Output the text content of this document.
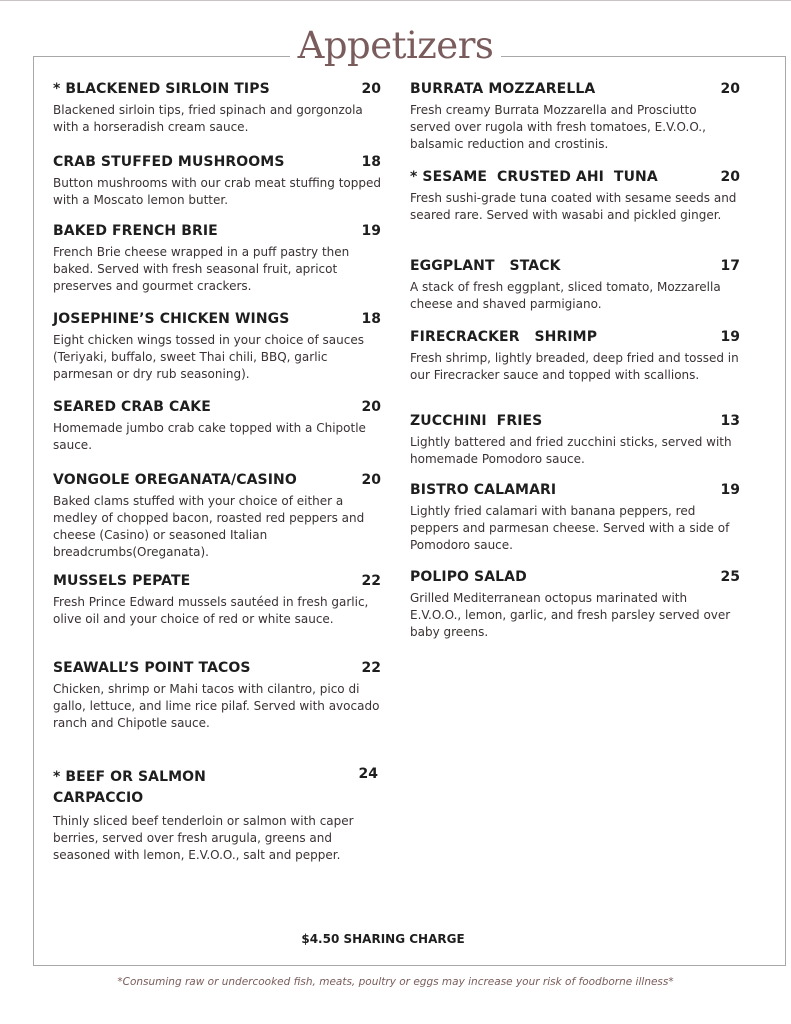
Appetizers
* BLACKENED SIRLOIN TIPS	20
Blackened sirloin tips, fried spinach and gorgonzola with a horseradish cream sauce.
CRAB STUFFED MUSHROOMS	18
Button mushrooms with our crab meat stuffing topped with a Moscato lemon butter.
BAKED FRENCH BRIE	19
French Brie cheese wrapped in a puff pastry then baked. Served with fresh seasonal fruit, apricot preserves and gourmet crackers.
JOSEPHINE’S CHICKEN WINGS	18
Eight chicken wings tossed in your choice of sauces (Teriyaki, buffalo, sweet Thai chili, BBQ, garlic parmesan or dry rub seasoning).
SEARED CRAB CAKE	20
Homemade jumbo crab cake topped with a Chipotle sauce.
VONGOLE OREGANATA/CASINO	20
Baked clams stuffed with your choice of either a medley of chopped bacon, roasted red peppers and cheese (Casino) or seasoned Italian breadcrumbs(Oreganata).
MUSSELS PEPATE	22
Fresh Prince Edward mussels sautéed in fresh garlic, olive oil and your choice of red or white sauce.
SEAWALL’S POINT TACOS	22
Chicken, shrimp or Mahi tacos with cilantro, pico di gallo, lettuce, and lime rice pilaf. Served with avocado ranch and Chipotle sauce.
* BEEF OR SALMON CARPACCIO
24
Thinly sliced beef tenderloin or salmon with caper berries, served over fresh arugula, greens and seasoned with lemon, E.V.O.O., salt and pepper.
BURRATA MOZZARELLA	20
Fresh creamy Burrata Mozzarella and Prosciutto served over rugola with fresh tomatoes, E.V.O.O., balsamic reduction and crostinis.
* SESAME  CRUSTED AHI  TUNA	20
Fresh sushi-grade tuna coated with sesame seeds and seared rare. Served with wasabi and pickled ginger.
EGGPLANT   STACK	17
A stack of fresh eggplant, sliced tomato, Mozzarella cheese and shaved parmigiano.
FIRECRACKER   SHRIMP	19
Fresh shrimp, lightly breaded, deep fried and tossed in our Firecracker sauce and topped with scallions.
ZUCCHINI  FRIES	13
Lightly battered and fried zucchini sticks, served with homemade Pomodoro sauce.
BISTRO CALAMARI	19
Lightly fried calamari with banana peppers, red peppers and parmesan cheese. Served with a side of Pomodoro sauce.
POLIPO SALAD	25
Grilled Mediterranean octopus marinated with E.V.O.O., lemon, garlic, and fresh parsley served over baby greens.
$4.50 SHARING CHARGE
*Consuming raw or undercooked fish, meats, poultry or eggs may increase your risk of foodborne illness*
